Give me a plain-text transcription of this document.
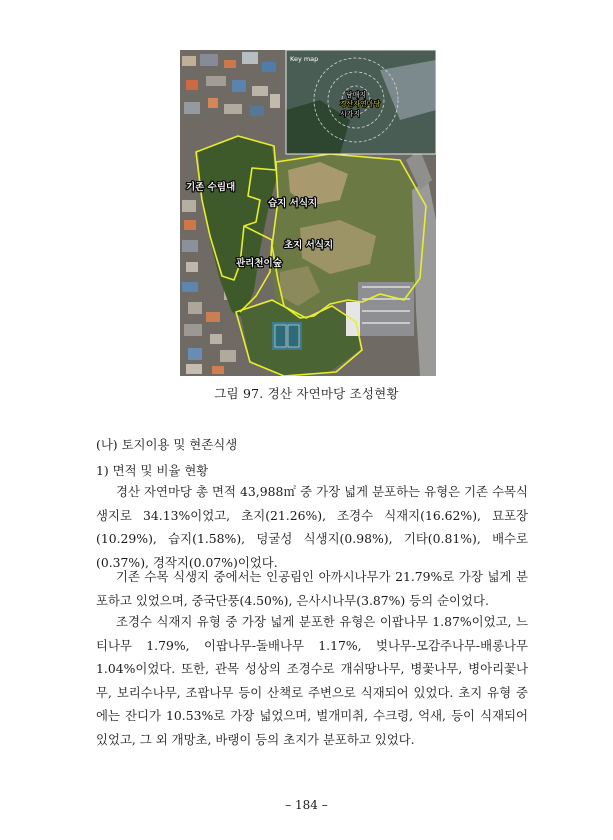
Key map
남매지
경산자연마당
시가지
기존 수림대
습지 서식지
초지 서식지
관리천이숲
그림 97. 경산 자연마당 조성현황
(나) 토지이용 및 현존식생
1) 면적 및 비율 현황
경산 자연마당 총 면적 43,988㎡ 중 가장 넓게 분포하는 유형은 기존 수목식생지로 34.13%이었고, 초지(21.26%), 조경수 식재지(16.62%), 묘포장(10.29%), 습지(1.58%), 덩굴성 식생지(0.98%), 기타(0.81%), 배수로(0.37%), 경작지(0.07%)이었다.
기존 수목 식생지 중에서는 인공림인 아까시나무가 21.79%로 가장 넓게 분포하고 있었으며, 중국단풍(4.50%), 은사시나무(3.87%) 등의 순이었다.
조경수 식재지 유형 중 가장 넓게 분포한 유형은 이팝나무 1.87%이었고, 느티나무 1.79%, 이팝나무-돌배나무 1.17%, 벚나무-모감주나무-배롱나무 1.04%이었다. 또한, 관목 성상의 조경수로 개쉬땅나무, 병꽃나무, 병아리꽃나무, 보리수나무, 조팝나무 등이 산책로 주변으로 식재되어 있었다. 초지 유형 중에는 잔디가 10.53%로 가장 넓었으며, 벌개미취, 수크령, 억새, 등이 식재되어 있었고, 그 외 개망초, 바랭이 등의 초지가 분포하고 있었다.
– 184 –
